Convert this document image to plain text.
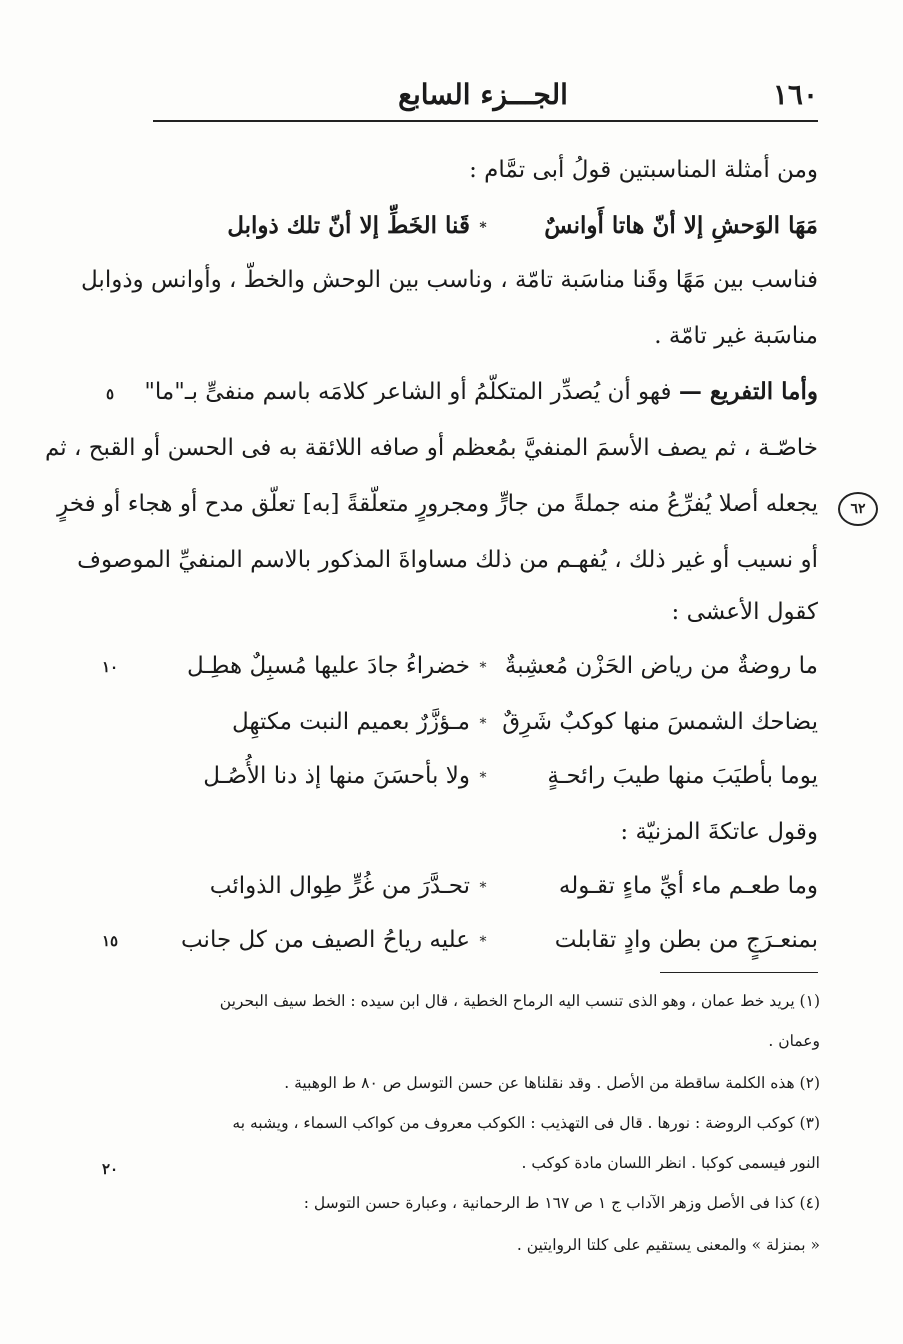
١٦٠
الجـــزء السابع
ومن أمثلة المناسبتين قولُ أبى تمَّام :
مَهَا الوَحشِ إلا أنّ هاتا أَوانسٌ
*
قَنا الخَطِّ إلا أنّ تلك ذوابل
فناسب بين مَهًا وقَنا مناسَبة تامّة ، وناسب بين الوحش والخطّ ، وأوانس وذوابل
مناسَبة غير تامّة .
وأما التفريع — فهو أن يُصدِّر المتكلّمُ أو الشاعر كلامَه باسم منفىٍّ بـ"ما"
خاصّـة ، ثم يصف الأسمَ المنفيَّ بمُعظم أو صافه اللائقة به فى الحسن أو القبح ، ثم
يجعله أصلا يُفرِّعُ منه جملةً من جارٍّ ومجرورٍ متعلّقةً [به] تعلّق مدح أو هجاء أو فخرٍ
أو نسيب أو غير ذلك ، يُفهـم من ذلك مساواةَ المذكور بالاسم المنفيِّ الموصوف
كقول الأعشى :
ما روضةٌ من رياض الحَزْن مُعشِبةٌ
*
خضراءُ جادَ عليها مُسبِلٌ هطِـل
يضاحك الشمسَ منها كوكبٌ شَرِقٌ
*
مـؤزَّرٌ بعميم النبت مكتهِل
يوما بأطيَبَ منها طيبَ رائحـةٍ
*
ولا بأحسَنَ منها إذ دنا الأُصُـل
وقول عاتكةَ المزنيّة :
وما طعـم ماء أيِّ ماءٍ تقـوله
*
تحـدَّرَ من غُرٍّ طِوال الذوائب
بمنعـرَجٍ من بطن وادٍ تقابلت
*
عليه رياحُ الصيف من كل جانب
٥
١٠
١٥
٢٠
٦٢
(١) يريد خط عمان ، وهو الذى تنسب اليه الرماح الخطية ، قال ابن سيده : الخط سيف البحرين
وعمان .
(٢) هذه الكلمة ساقطة من الأصل . وقد نقلناها عن حسن التوسل ص ٨٠ ط الوهبية .
(٣) كوكب الروضة : نورها . قال فى التهذيب : الكوكب معروف من كواكب السماء ، ويشبه به
النور فيسمى كوكبا . انظر اللسان مادة كوكب .
(٤) كذا فى الأصل وزهر الآداب ج ١ ص ١٦٧ ط الرحمانية ، وعبارة حسن التوسل :
« بمنزلة » والمعنى يستقيم على كلتا الروايتين .
